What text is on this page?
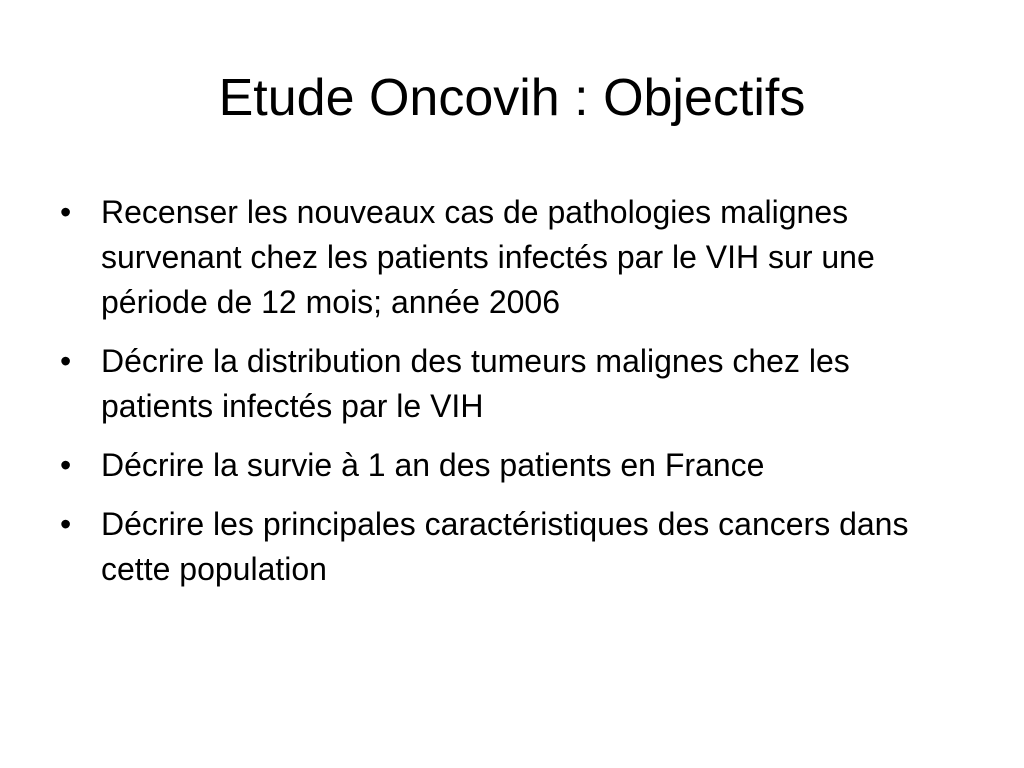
Etude Oncovih : Objectifs
• Recenser les nouveaux cas de pathologies malignes survenant chez les patients infectés par le VIH sur une période de 12 mois; année 2006
• Décrire la distribution des tumeurs malignes chez les patients infectés par le VIH
• Décrire la survie à 1 an des patients en France
• Décrire les principales caractéristiques des cancers dans cette population
